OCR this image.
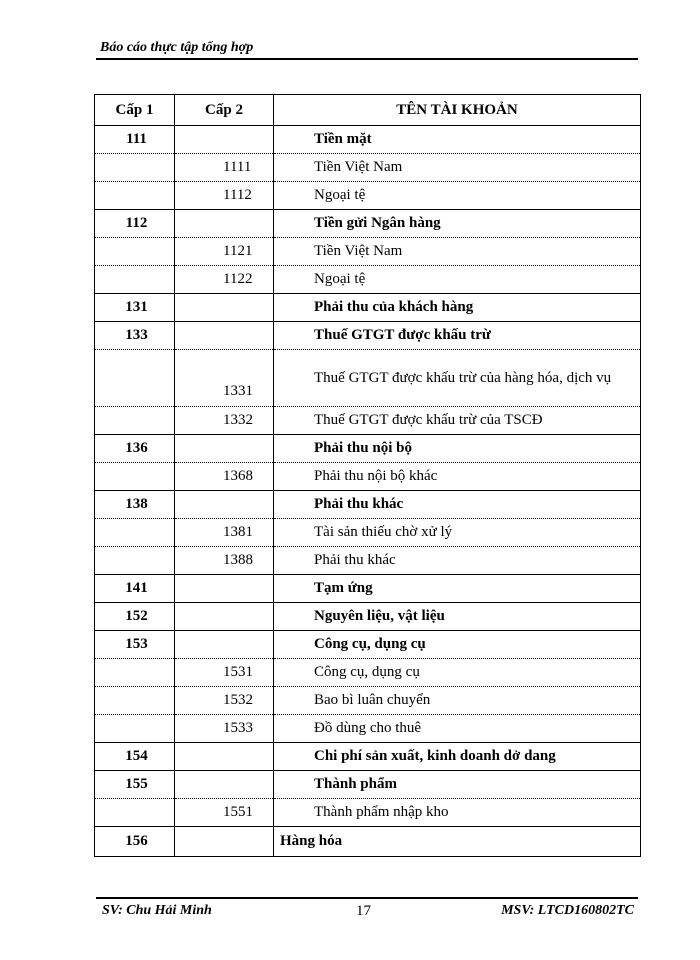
Báo cáo thực tập tổng hợp
Cấp 1	Cấp 2	TÊN TÀI KHOẢN
111		Tiền mặt
	1111	Tiền Việt Nam
	1112	Ngoại tệ
112		Tiền gửi Ngân hàng
	1121	Tiền Việt Nam
	1122	Ngoại tệ
131		Phải thu của khách hàng
133		Thuế GTGT được khấu trừ
	1331	Thuế GTGT được khấu trừ của hàng hóa, dịch vụ
	1332	Thuế GTGT được khấu trừ của TSCĐ
136		Phải thu nội bộ
	1368	Phải thu nội bộ khác
138		Phải thu khác
	1381	Tài sản thiếu chờ xử lý
	1388	Phải thu khác
141		Tạm ứng
152		Nguyên liệu, vật liệu
153		Công cụ, dụng cụ
	1531	Công cụ, dụng cụ
	1532	Bao bì luân chuyển
	1533	Đồ dùng cho thuê
154		Chi phí sản xuất, kinh doanh dở dang
155		Thành phẩm
	1551	Thành phẩm nhập kho
156		Hàng hóa
SV: Chu Hải Minh	17	MSV: LTCD160802TC
